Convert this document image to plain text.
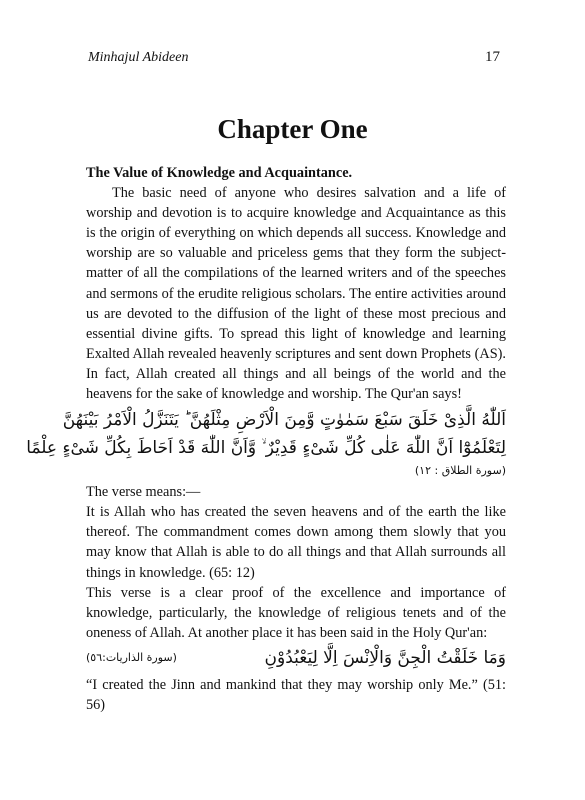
Minhajul Abideen	17
Chapter One

The Value of Knowledge and Acquaintance.

The basic need of anyone who desires salvation and a life of worship and devotion is to acquire knowledge and Acquaintance as this is the origin of everything on which depends all success. Knowledge and worship are so valuable and priceless gems that they form the subject-matter of all the compilations of the learned writers and of the speeches and sermons of the erudite religious scholars. The entire activities around us are devoted to the diffusion of the light of these most precious and essential divine gifts. To spread this light of knowledge and learning Exalted Allah revealed heavenly scriptures and sent down Prophets (AS). In fact, Allah created all things and all beings of the world and the heavens for the sake of knowledge and worship. The Qur'an says!

اَللّٰهُ الَّذِیْ خَلَقَ سَبْعَ سَمٰوٰتٍ وَّمِنَ الْاَرْضِ مِثْلَهُنَّ ؕ یَتَنَزَّلُ الْاَمْرُ بَیْنَهُنَّ
لِتَعْلَمُوْٓا اَنَّ اللّٰهَ عَلٰی كُلِّ شَیْءٍ قَدِیْرٌ ۙ وَّاَنَّ اللّٰهَ قَدْ اَحَاطَ بِكُلِّ شَیْءٍ عِلْمًا
(سورة الطلاق : ١٢)

The verse means:—

It is Allah who has created the seven heavens and of the earth the like thereof. The commandment comes down among them slowly that you may know that Allah is able to do all things and that Allah surrounds all things in knowledge. (65: 12)

This verse is a clear proof of the excellence and importance of knowledge, particularly, the knowledge of religious tenets and of the oneness of Allah. At another place it has been said in the Holy Qur'an:

وَمَا خَلَقْتُ الْجِنَّ وَالْاِنْسَ اِلَّا لِیَعْبُدُوْنِ
(سورة الذاريات:٥٦)

“I created the Jinn and mankind that they may worship only Me.” (51: 56)
